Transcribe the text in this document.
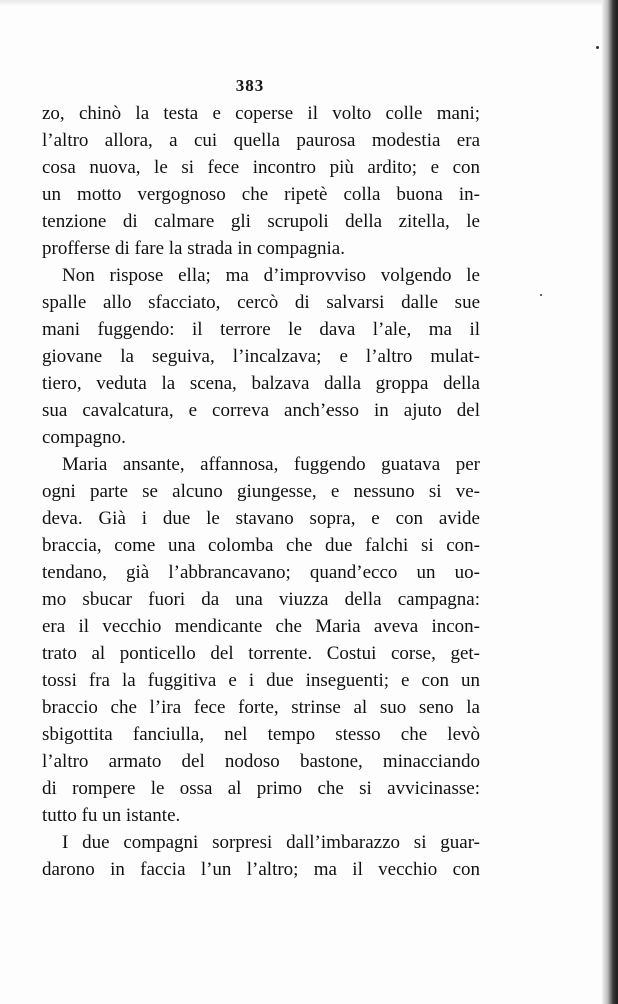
383
zo, chinò la testa e coperse il volto colle mani;
l’altro allora, a cui quella paurosa modestia era
cosa nuova, le si fece incontro più ardito; e con
un motto vergognoso che ripetè colla buona in-
tenzione di calmare gli scrupoli della zitella, le
profferse di fare la strada in compagnia.
Non rispose ella; ma d’improvviso volgendo le
spalle allo sfacciato, cercò di salvarsi dalle sue
mani fuggendo: il terrore le dava l’ale, ma il
giovane la seguiva, l’incalzava; e l’altro mulat-
tiero, veduta la scena, balzava dalla groppa della
sua cavalcatura, e correva anch’esso in ajuto del
compagno.
Maria ansante, affannosa, fuggendo guatava per
ogni parte se alcuno giungesse, e nessuno si ve-
deva. Già i due le stavano sopra, e con avide
braccia, come una colomba che due falchi si con-
tendano, già l’abbrancavano; quand’ecco un uo-
mo sbucar fuori da una viuzza della campagna:
era il vecchio mendicante che Maria aveva incon-
trato al ponticello del torrente. Costui corse, get-
tossi fra la fuggitiva e i due inseguenti; e con un
braccio che l’ira fece forte, strinse al suo seno la
sbigottita fanciulla, nel tempo stesso che levò
l’altro armato del nodoso bastone, minacciando
di rompere le ossa al primo che si avvicinasse:
tutto fu un istante.
I due compagni sorpresi dall’imbarazzo si guar-
darono in faccia l’un l’altro; ma il vecchio con
